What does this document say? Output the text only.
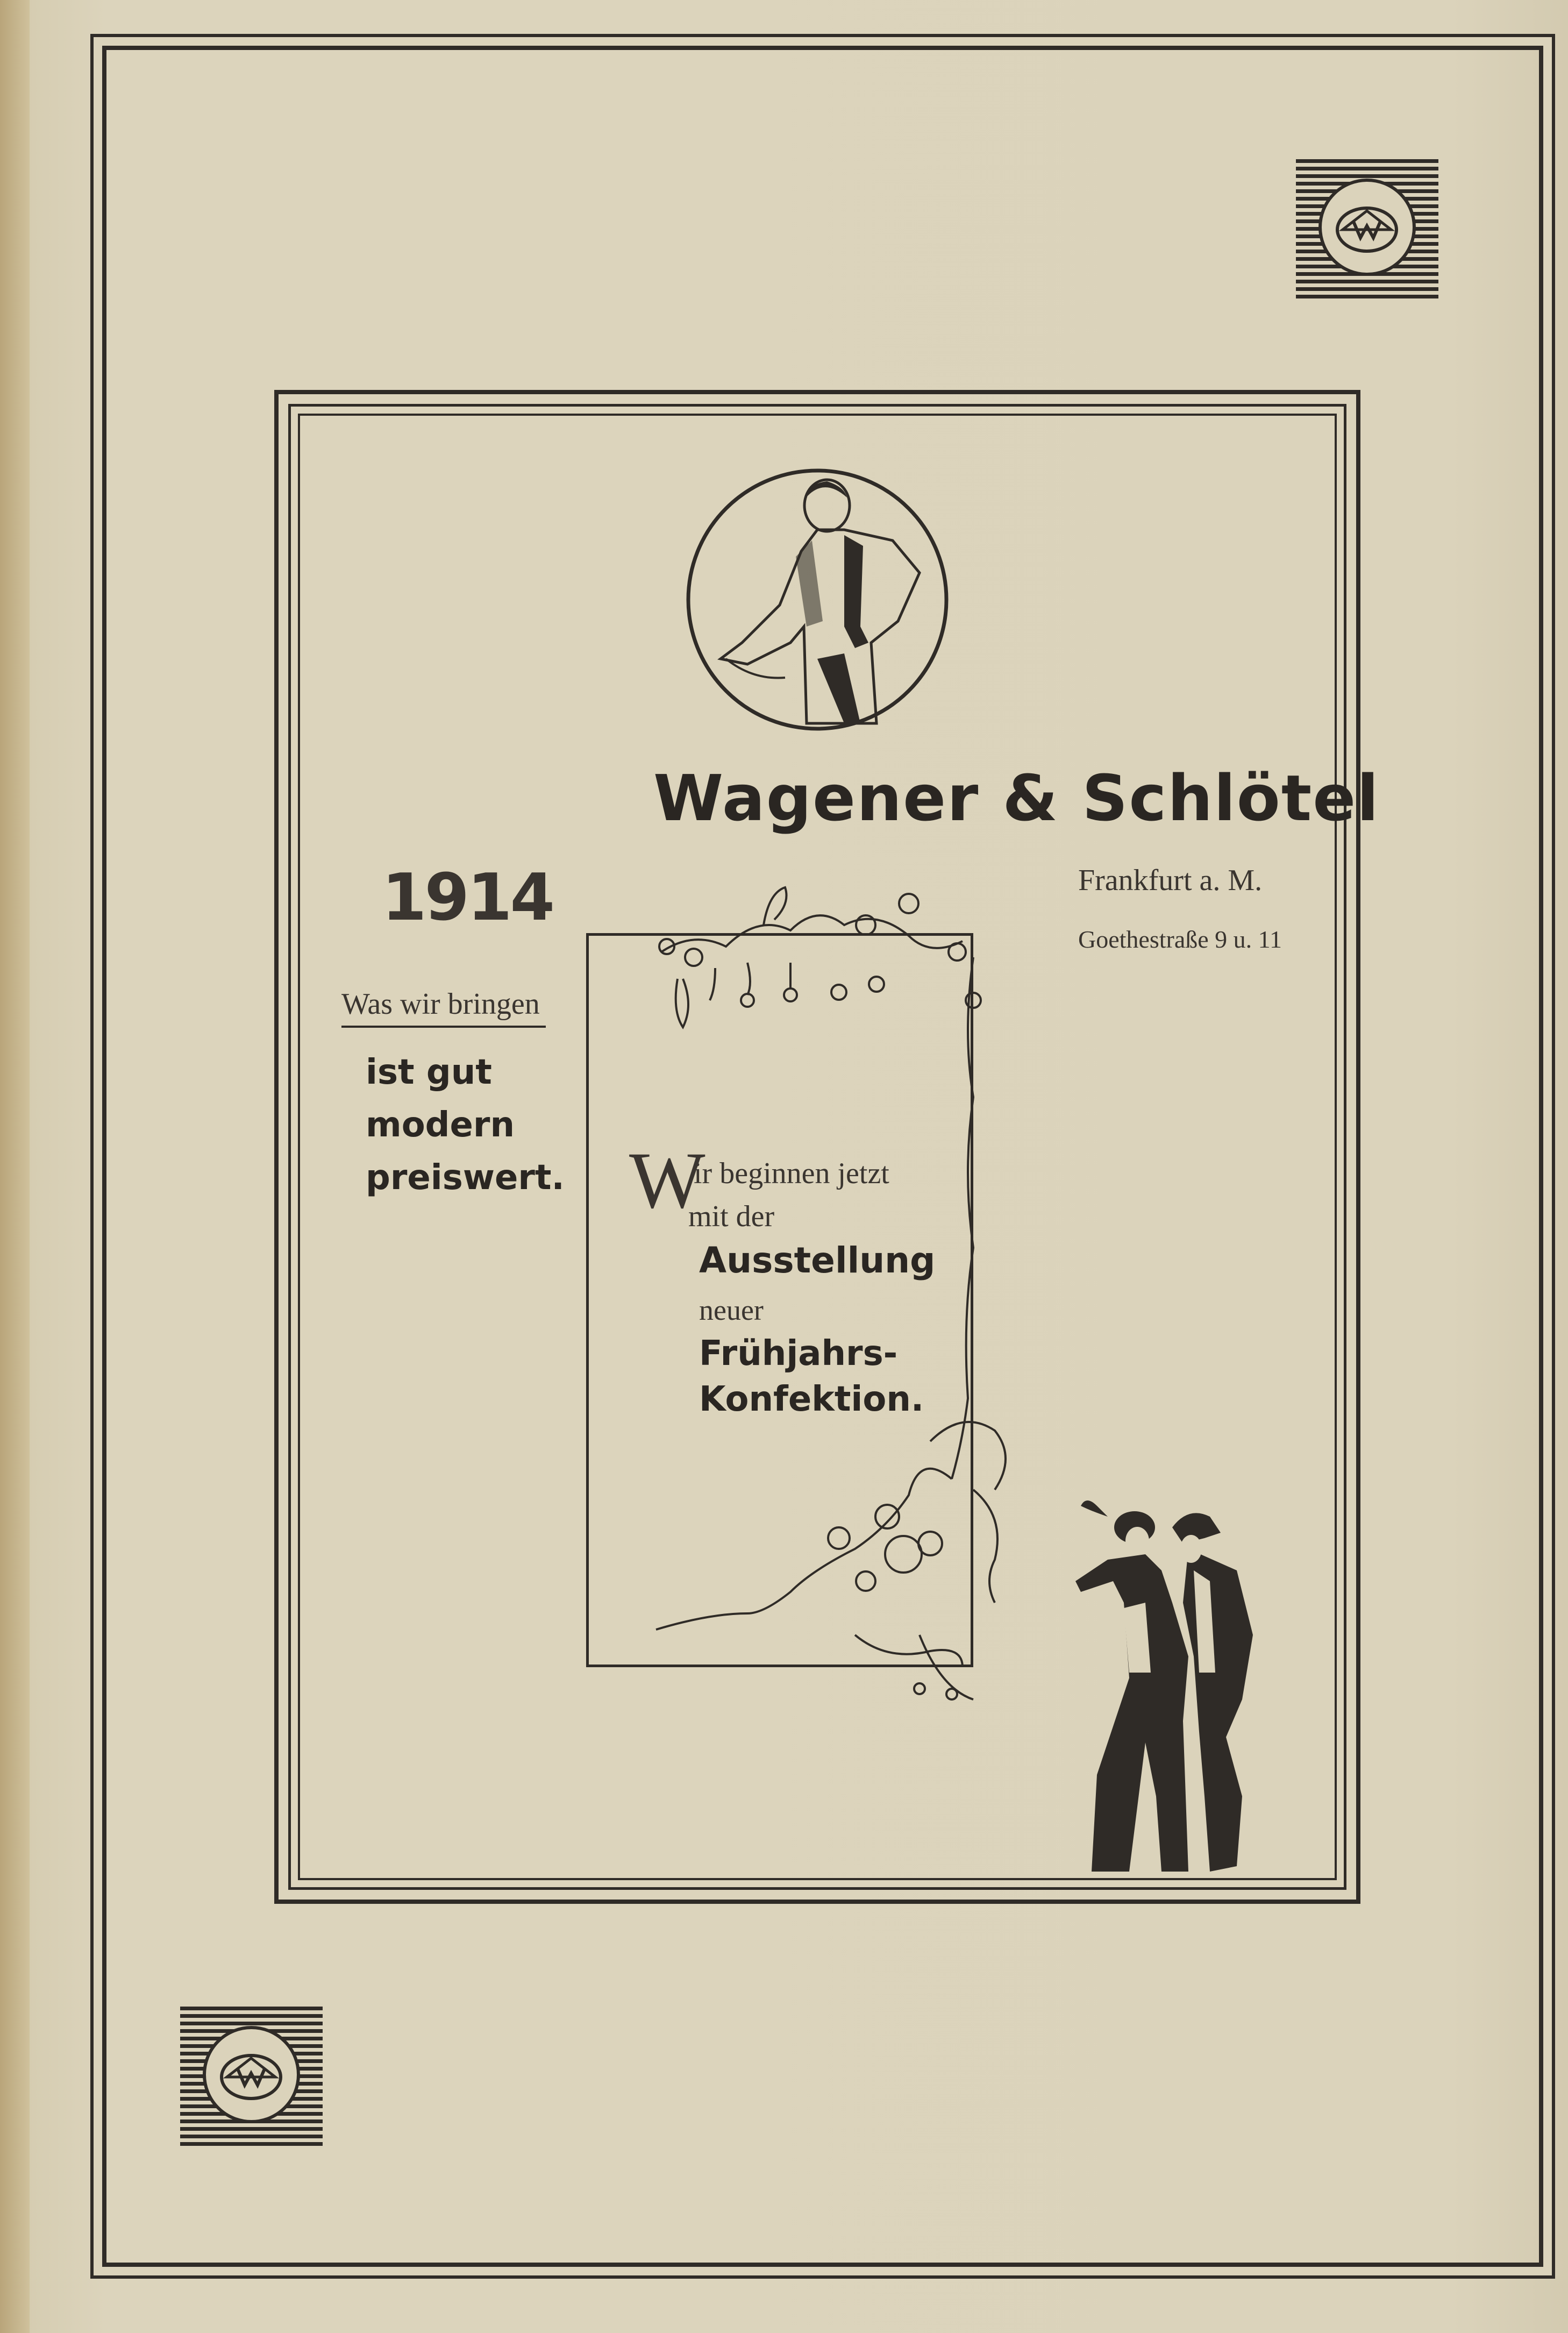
Wagener & Schlötel
Frankfurt a. M.
Goethestraße 9 u. 11
1914
Was wir bringen
ist gut
modern
preiswert. W
ir beginnen jetzt
mit der
Ausstellung
neuer
Frühjahrs-
Konfektion.
